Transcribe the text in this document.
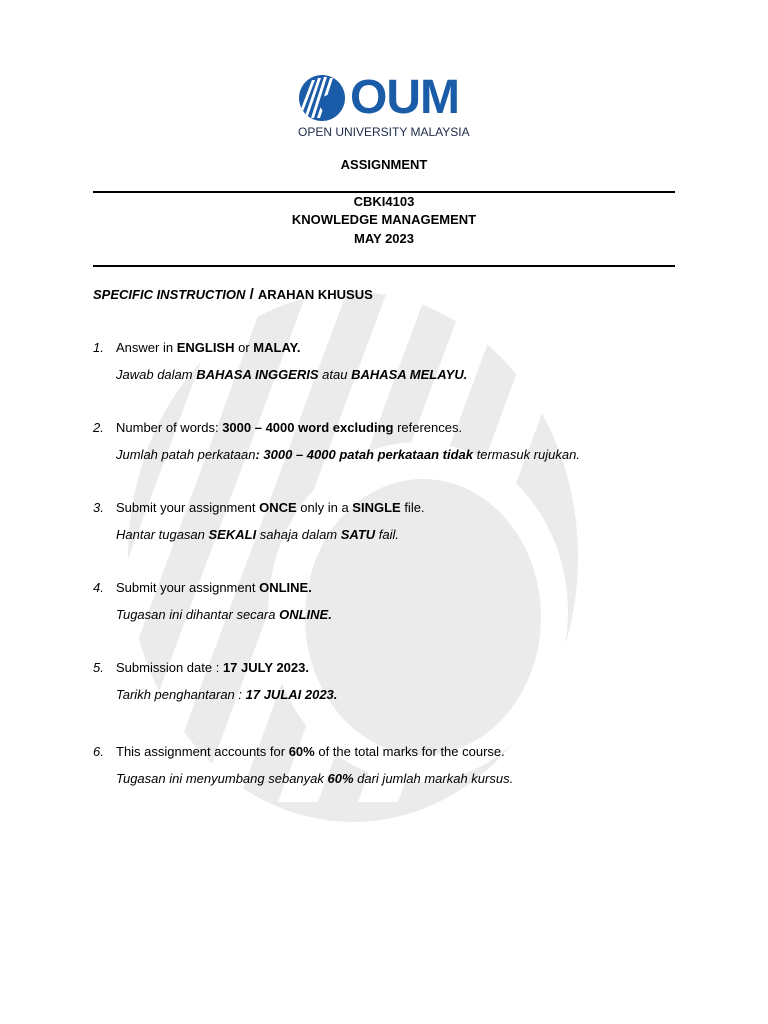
OUM
OPEN UNIVERSITY MALAYSIA
ASSIGNMENT
CBKI4103
KNOWLEDGE MANAGEMENT
MAY 2023
SPECIFIC INSTRUCTION / ARAHAN KHUSUS
1. Answer in ENGLISH or MALAY.
Jawab dalam BAHASA INGGERIS atau BAHASA MELAYU.
2. Number of words: 3000 – 4000 word excluding references.
Jumlah patah perkataan: 3000 – 4000 patah perkataan tidak termasuk rujukan.
3. Submit your assignment ONCE only in a SINGLE file.
Hantar tugasan SEKALI sahaja dalam SATU fail.
4. Submit your assignment ONLINE.
Tugasan ini dihantar secara ONLINE.
5. Submission date : 17 JULY 2023.
Tarikh penghantaran : 17 JULAI 2023.
6. This assignment accounts for 60% of the total marks for the course.
Tugasan ini menyumbang sebanyak 60% dari jumlah markah kursus.
